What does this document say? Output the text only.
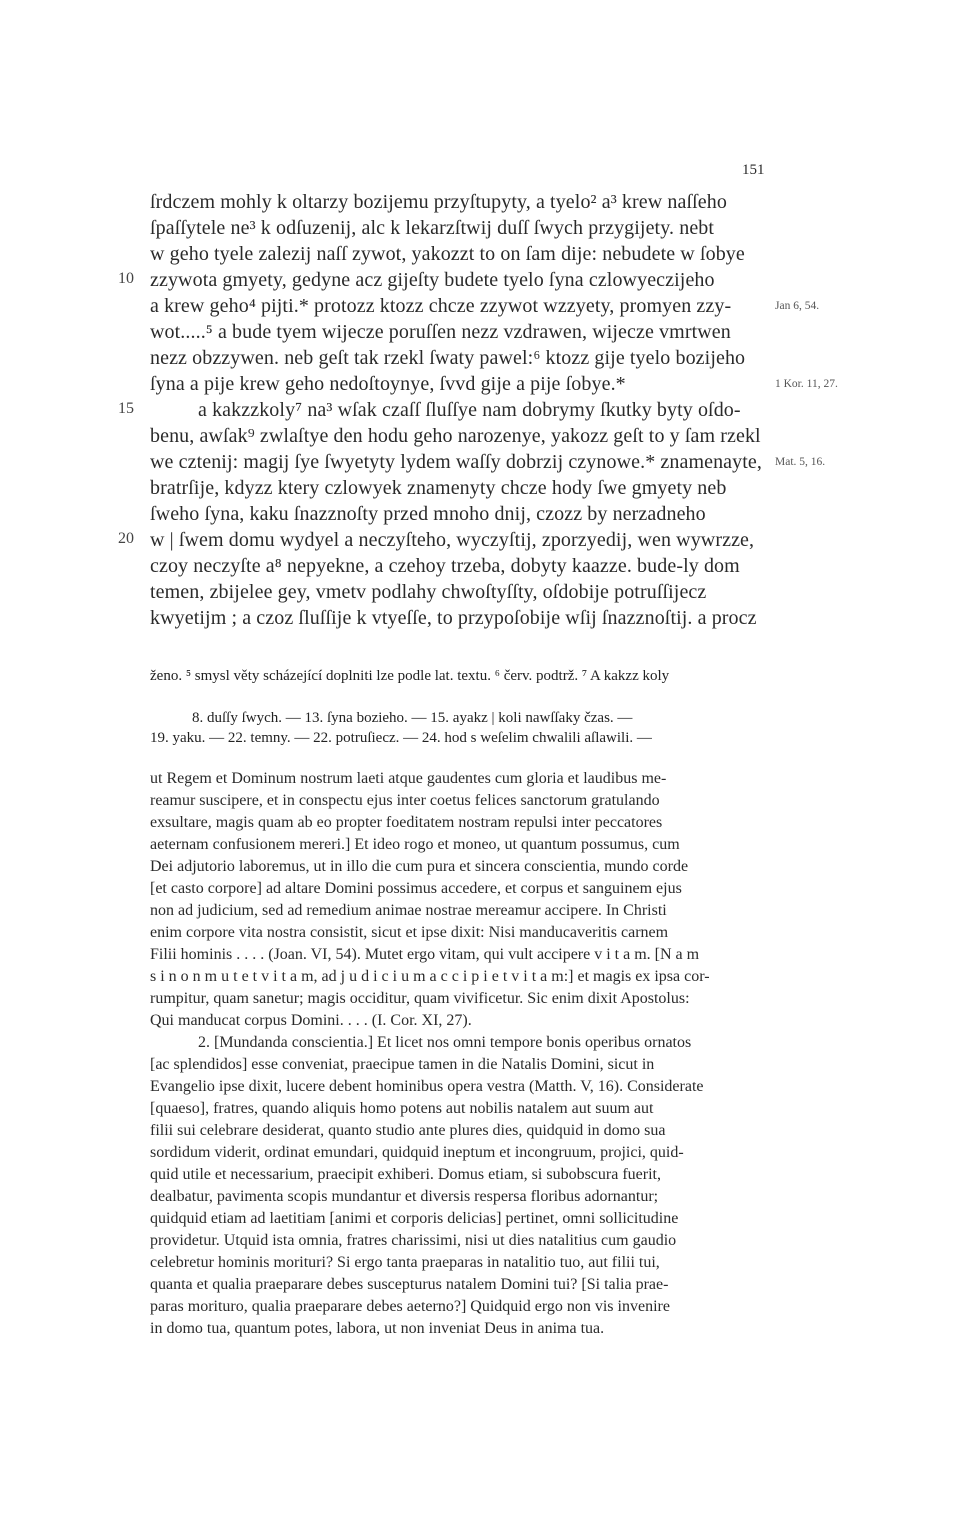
151
ſrdczem mohly k oltarzy bozijemu przyſtupyty, a tyelo² a³ krew naſſeho
ſpaſſytele ne³ k odſuzenij, alc k lekarzſtwij duſſ ſwych przygijety. nebt
w geho tyele zalezij naſſ zywot, yakozzt to on ſam dije: nebudete w ſobye
zzywota gmyety, gedyne acz gijeſty budete tyelo ſyna czlowyeczijeho
a krew geho⁴ pijti.* protozz ktozz chcze zzywot wzzyety, promyen zzy-
wot.....⁵ a bude tyem wijecze poruſſen nezz vzdrawen, wijecze vmrtwen
nezz obzzywen. neb geſt tak rzekl ſwaty pawel:⁶ ktozz gije tyelo bozijeho
ſyna a pije krew geho nedoſtoynye, ſvvd gije a pije ſobye.*
a kakzzkoly⁷ na³ wſak czaſſ ſluſſye nam dobrymy ſkutky byty oſdo-
benu, awſak⁹ zwlaſtye den hodu geho narozenye, yakozz geſt to y ſam rzekl
we cztenij: magij ſye ſwyetyty lydem waſſy dobrzij czynowe.* znamenayte,
bratrſije, kdyzz ktery czlowyek znamenyty chcze hody ſwe gmyety neb
ſweho ſyna, kaku ſnazznoſty przed mnoho dnij, czozz by nerzadneho
w | ſwem domu wydyel a neczyſteho, wyczyſtij, zporzyedij, wen wywrzze,
czoy neczyſte a⁸ nepyekne, a czehoy trzeba, dobyty kaazze. bude-ly dom
temen, zbijelee gey, vmetv podlahy chwoſtyſſty, oſdobije potruſſijecz
kwyetijm ; a czoz ſluſſije k vtyeſſe, to przypoſobije wſij ſnazznoſtij. a procz
10
15
20
Jan 6, 54.
1 Kor. 11, 27.
Mat. 5, 16.
ženo. ⁵ smysl věty scházející doplniti lze podle lat. textu. ⁶ červ. podtrž. ⁷ A kakzz koly
8. duſſy ſwych. — 13. ſyna bozieho. — 15. ayakz | koli nawſſaky čzas. —
19. yaku. — 22. temny. — 22. potruſiecz. — 24. hod s weſelim chwalili aſlawili. —
ut Regem et Dominum nostrum laeti atque gaudentes cum gloria et laudibus me-
reamur suscipere, et in conspectu ejus inter coetus felices sanctorum gratulando
exsultare, magis quam ab eo propter foeditatem nostram repulsi inter peccatores
aeternam confusionem mereri.] Et ideo rogo et moneo, ut quantum possumus, cum
Dei adjutorio laboremus, ut in illo die cum pura et sincera conscientia, mundo corde
[et casto corpore] ad altare Domini possimus accedere, et corpus et sanguinem ejus
non ad judicium, sed ad remedium animae nostrae mereamur accipere. In Christi
enim corpore vita nostra consistit, sicut et ipse dixit: Nisi manducaveritis carnem
Filii hominis . . . . (Joan. VI, 54). Mutet ergo vitam, qui vult accipere v i t a m. [N a m
s i n o n m u t e t v i t a m, ad j u d i c i u m a c c i p i e t v i t a m:] et magis ex ipsa cor-
rumpitur, quam sanetur; magis occiditur, quam vivificetur. Sic enim dixit Apostolus:
Qui manducat corpus Domini. . . . (I. Cor. XI, 27).
2. [Mundanda conscientia.] Et licet nos omni tempore bonis operibus ornatos
[ac splendidos] esse conveniat, praecipue tamen in die Natalis Domini, sicut in
Evangelio ipse dixit, lucere debent hominibus opera vestra (Matth. V, 16). Considerate
[quaeso], fratres, quando aliquis homo potens aut nobilis natalem aut suum aut
filii sui celebrare desiderat, quanto studio ante plures dies, quidquid in domo sua
sordidum viderit, ordinat emundari, quidquid ineptum et incongruum, projici, quid-
quid utile et necessarium, praecipit exhiberi. Domus etiam, si subobscura fuerit,
dealbatur, pavimenta scopis mundantur et diversis respersa floribus adornantur;
quidquid etiam ad laetitiam [animi et corporis delicias] pertinet, omni sollicitudine
providetur. Utquid ista omnia, fratres charissimi, nisi ut dies natalitius cum gaudio
celebretur hominis morituri? Si ergo tanta praeparas in natalitio tuo, aut filii tui,
quanta et qualia praeparare debes suscepturus natalem Domini tui? [Si talia prae-
paras morituro, qualia praeparare debes aeterno?] Quidquid ergo non vis invenire
in domo tua, quantum potes, labora, ut non inveniat Deus in anima tua.
